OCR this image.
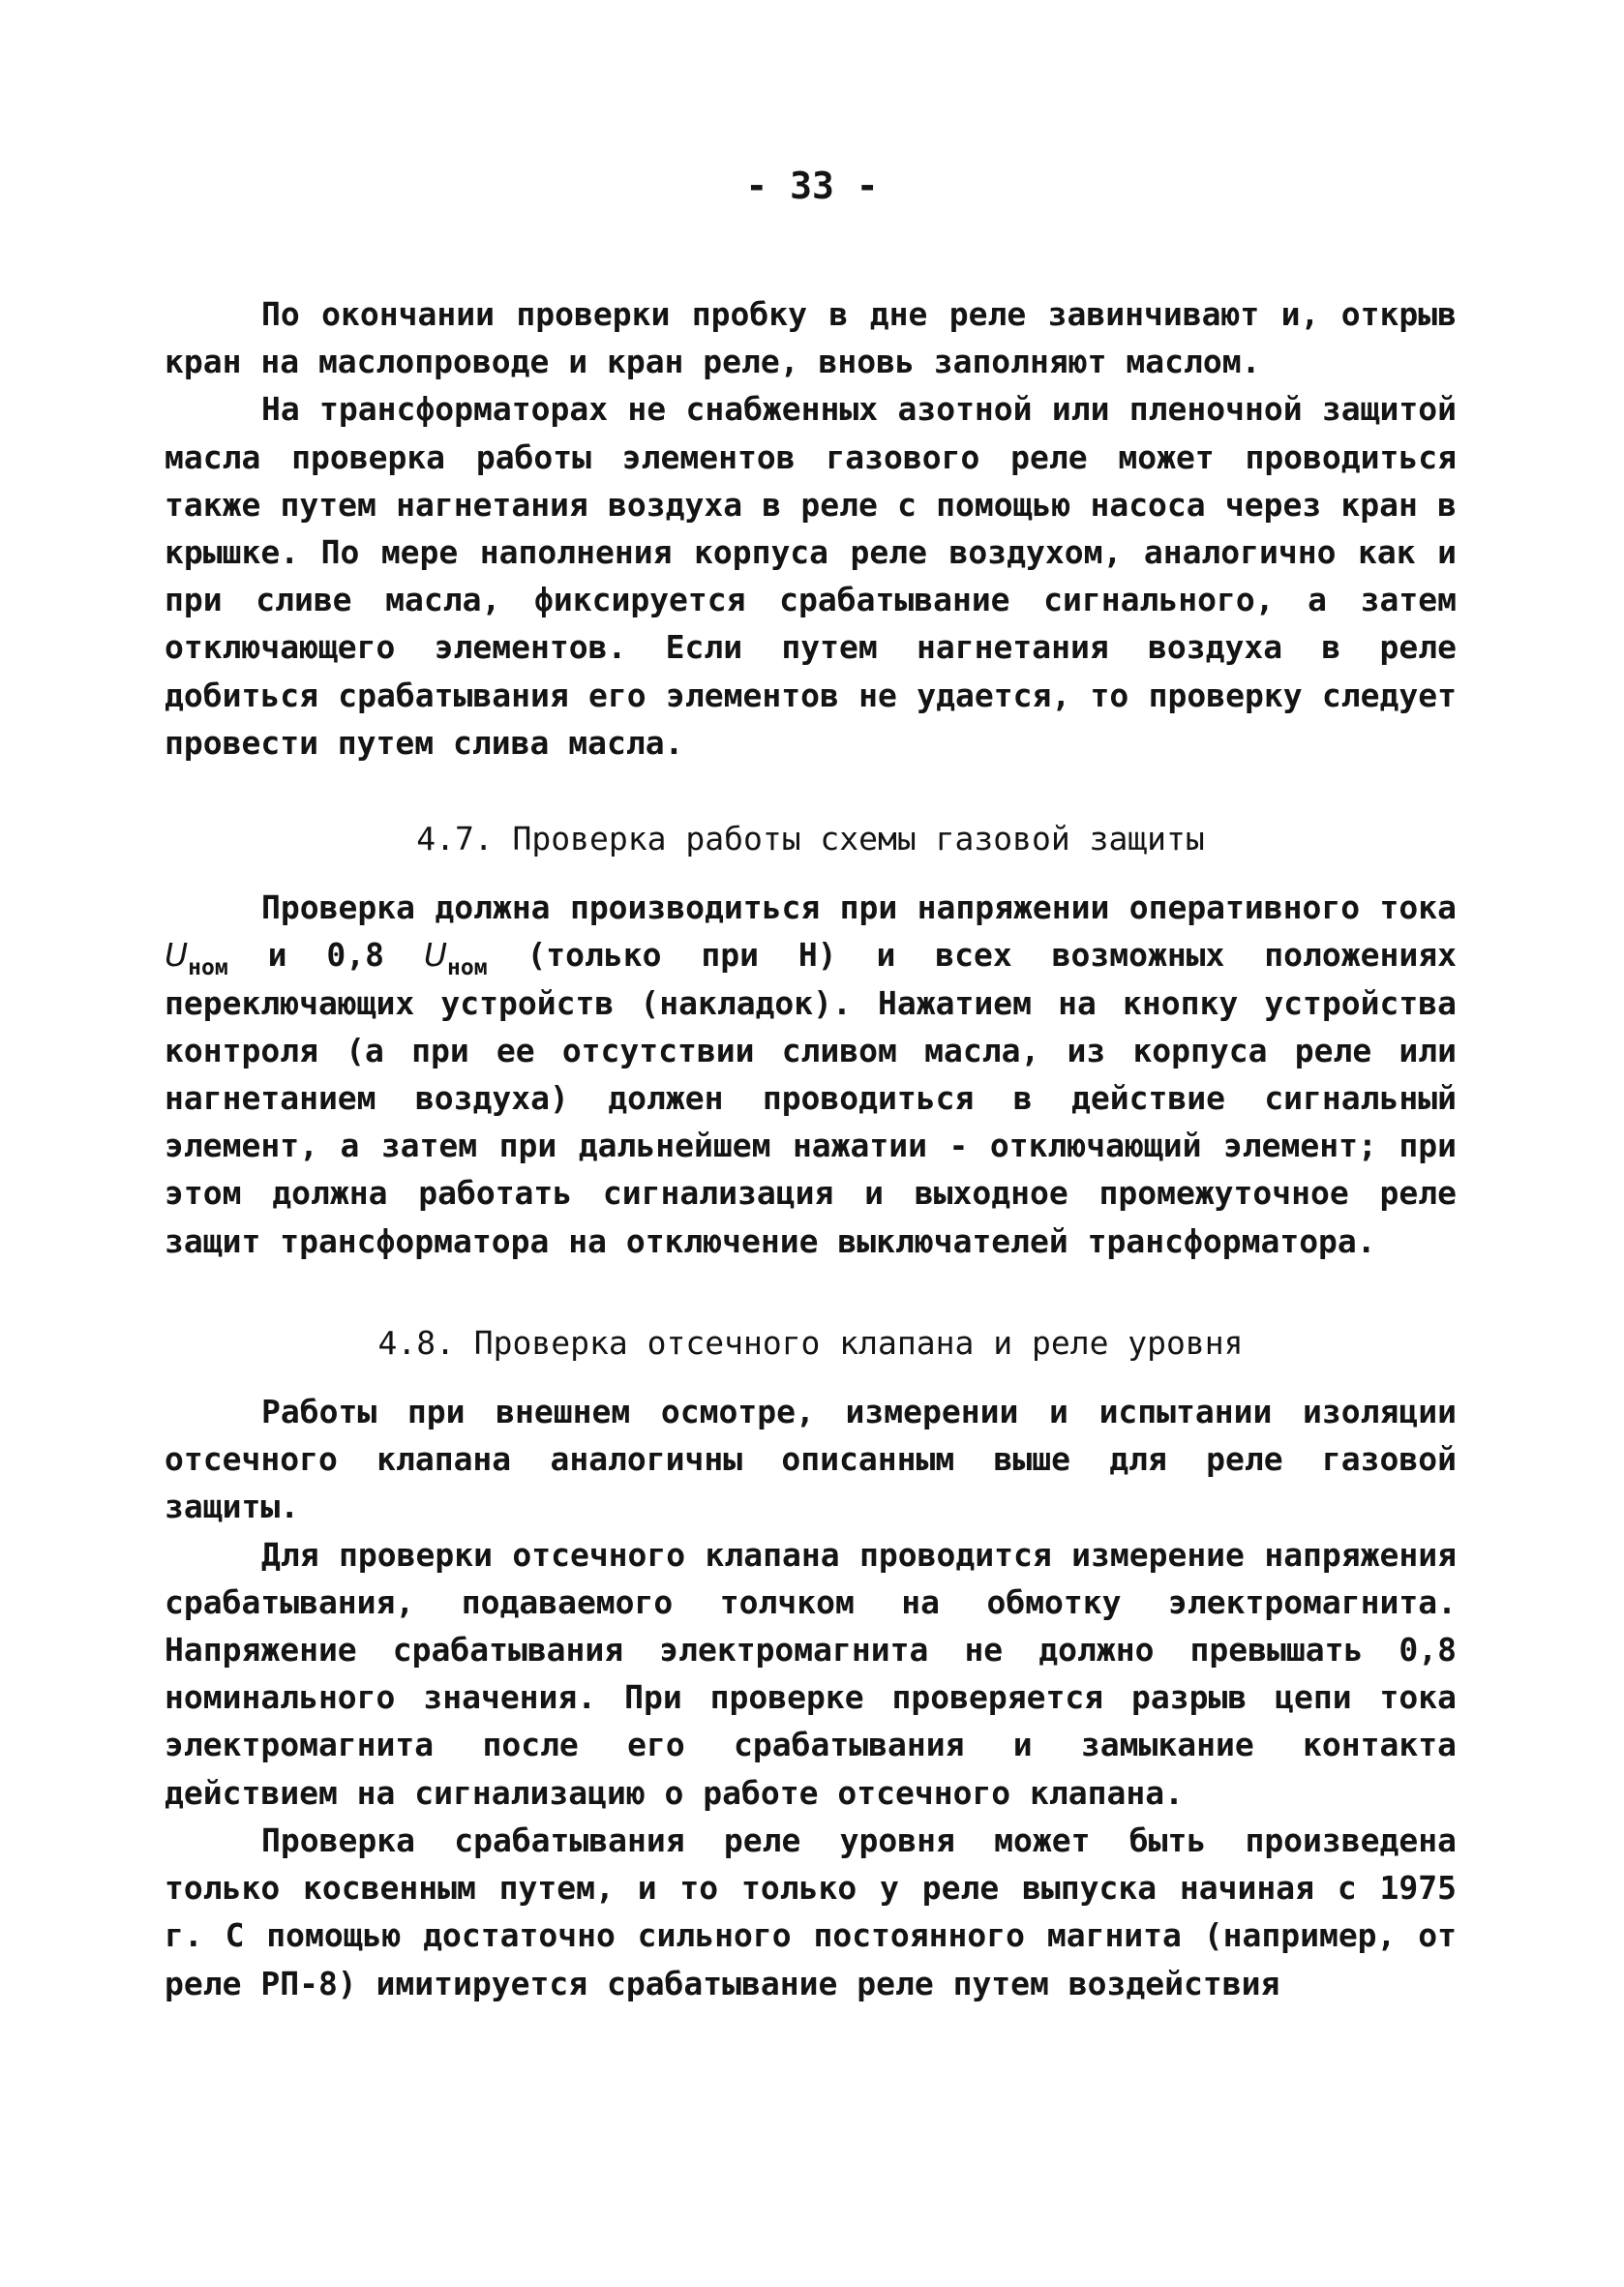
- 33 -

По окончании проверки пробку в дне реле завинчивают и, открыв кран на маслопроводе и кран реле, вновь заполняют маслом.

На трансформаторах не снабженных азотной или пленочной защитой масла проверка работы элементов газового реле может проводиться также путем нагнетания воздуха в реле с помощью насоса через кран в крышке. По мере наполнения корпуса реле воздухом, аналогично как и при сливе масла, фиксируется срабатывание сигнального, а затем отключающего элементов. Если путем нагнетания воздуха в реле добиться срабатывания его элементов не удается, то проверку следует провести путем слива масла.

4.7. Проверка работы схемы газовой защиты

Проверка должна производиться при напряжении оперативного тока $U_{ном}$ и 0,8 $U_{ном}$ (только при Н) и всех возможных положениях переключающих устройств (накладок). Нажатием на кнопку устройства контроля (а при ее отсутствии сливом масла, из корпуса реле или нагнетанием воздуха) должен проводиться в действие сигнальный элемент, а затем при дальнейшем нажатии - отключающий элемент; при этом должна работать сигнализация и выходное промежуточное реле защит трансформатора на отключение выключателей трансформатора.

4.8. Проверка отсечного клапана и реле уровня

Работы при внешнем осмотре, измерении и испытании изоляции отсечного клапана аналогичны описанным выше для реле газовой защиты.

Для проверки отсечного клапана проводится измерение напряжения срабатывания, подаваемого толчком на обмотку электромагнита. Напряжение срабатывания электромагнита не должно превышать 0,8 номинального значения. При проверке проверяется разрыв цепи тока электромагнита после его срабатывания и замыкание контакта действием на сигнализацию о работе отсечного клапана.

Проверка срабатывания реле уровня может быть произведена только косвенным путем, и то только у реле выпуска начиная с 1975 г. С помощью достаточно сильного постоянного магнита (например, от реле РП-8) имитируется срабатывание реле путем воздействия
